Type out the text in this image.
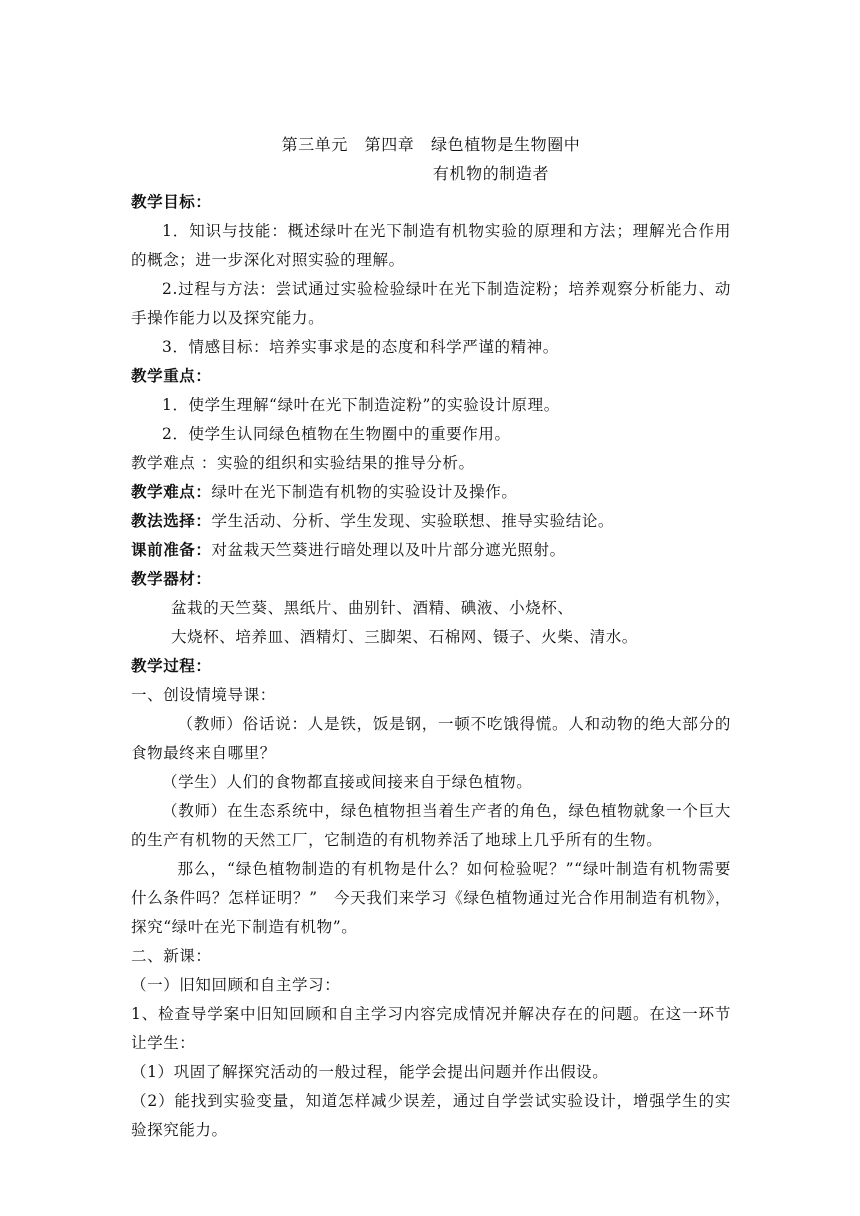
第三单元　第四章　绿色植物是生物圈中

有机物的制造者

教学目标：

1．知识与技能：概述绿叶在光下制造有机物实验的原理和方法；理解光合作用的概念；进一步深化对照实验的理解。

2.过程与方法：尝试通过实验检验绿叶在光下制造淀粉；培养观察分析能力、动手操作能力以及探究能力。

3．情感目标：培养实事求是的态度和科学严谨的精神。

教学重点：

1．使学生理解“绿叶在光下制造淀粉”的实验设计原理。

2．使学生认同绿色植物在生物圈中的重要作用。

教学难点 ：实验的组织和实验结果的推导分析。

教学难点：绿叶在光下制造有机物的实验设计及操作。

教法选择：学生活动、分析、学生发现、实验联想、推导实验结论。

课前准备：对盆栽天竺葵进行暗处理以及叶片部分遮光照射。

教学器材：

盆栽的天竺葵、黑纸片、曲别针、酒精、碘液、小烧杯、

大烧杯、培养皿、酒精灯、三脚架、石棉网、镊子、火柴、清水。

教学过程：

一、创设情境导课：

（教师）俗话说：人是铁，饭是钢，一顿不吃饿得慌。人和动物的绝大部分的食物最终来自哪里？

（学生）人们的食物都直接或间接来自于绿色植物。

（教师）在生态系统中，绿色植物担当着生产者的角色，绿色植物就象一个巨大的生产有机物的天然工厂，它制造的有机物养活了地球上几乎所有的生物。

那么，“绿色植物制造的有机物是什么？如何检验呢？”“绿叶制造有机物需要什么条件吗？怎样证明？”　今天我们来学习《绿色植物通过光合作用制造有机物》，探究“绿叶在光下制造有机物”。

二、新课：

（一）旧知回顾和自主学习：

1、检查导学案中旧知回顾和自主学习内容完成情况并解决存在的问题。在这一环节让学生：

（1）巩固了解探究活动的一般过程，能学会提出问题并作出假设。

（2）能找到实验变量，知道怎样减少误差，通过自学尝试实验设计，增强学生的实验探究能力。
